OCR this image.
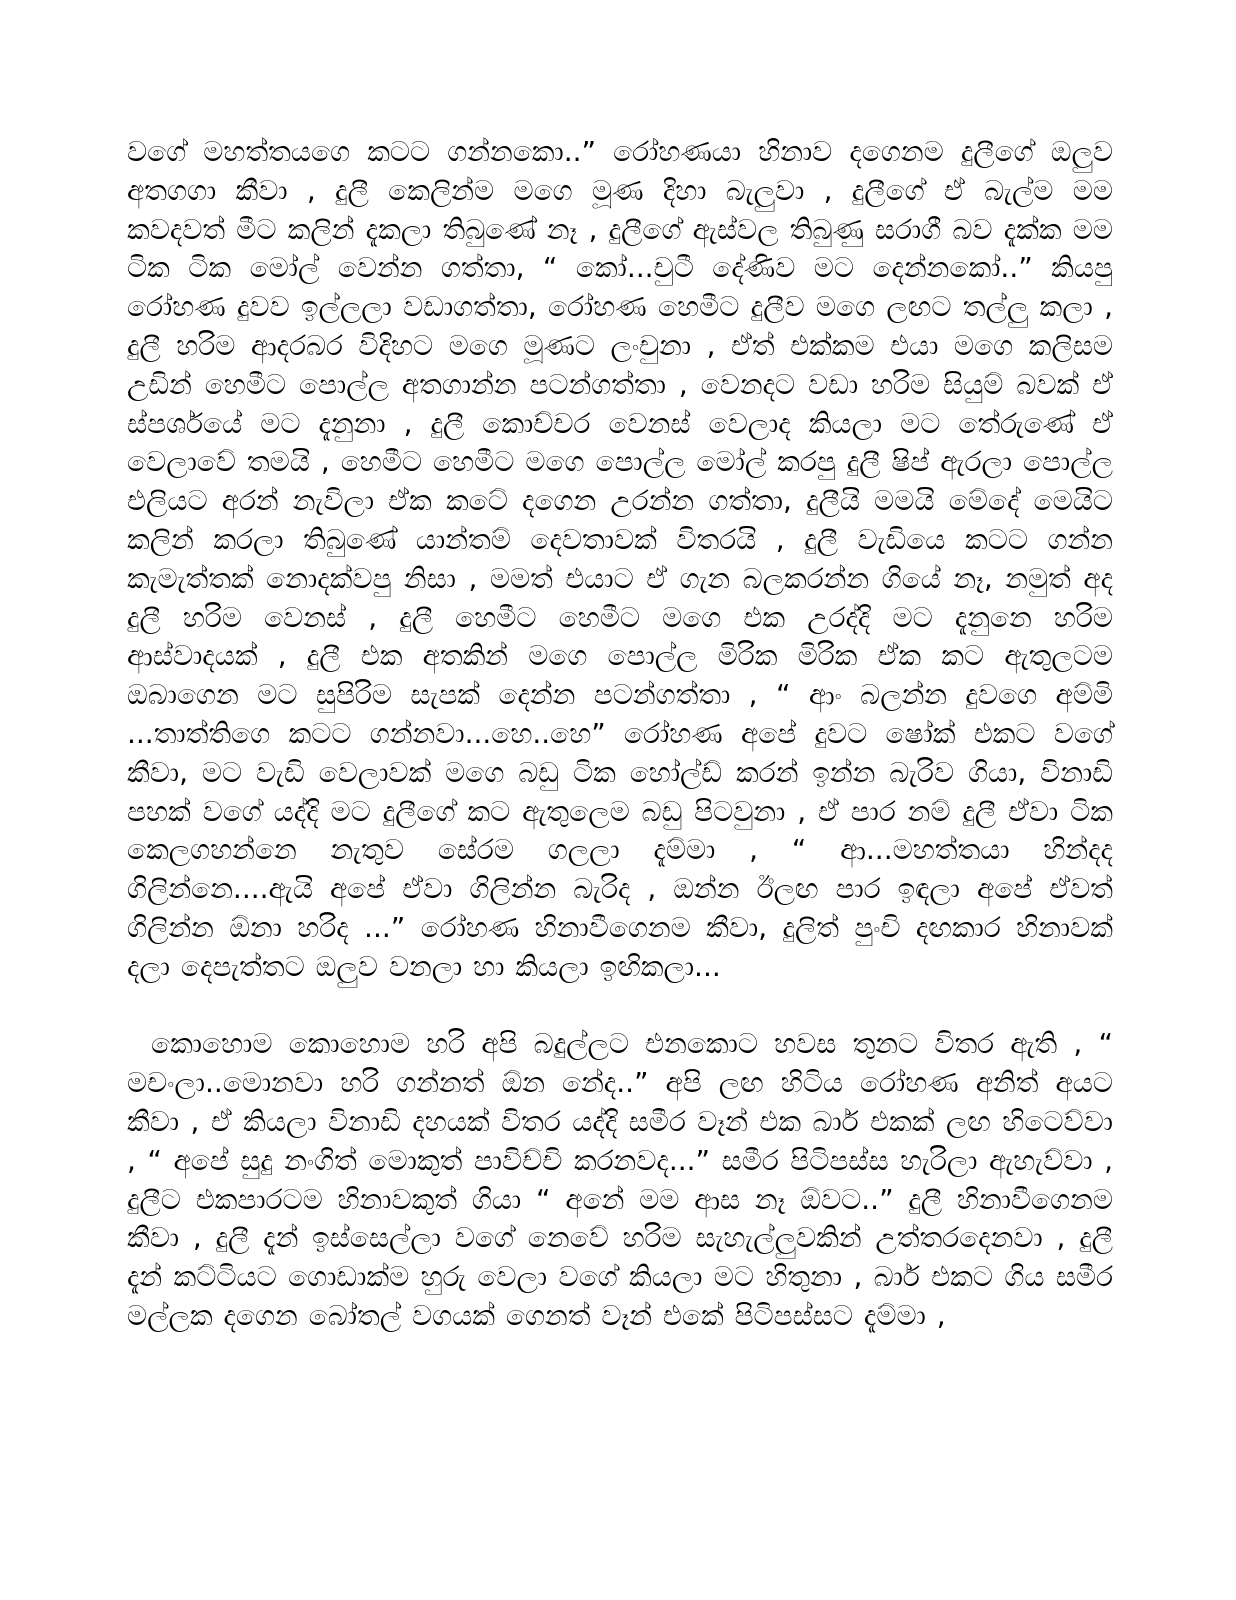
වගේ මහත්තයගෙ කටට ගන්නකො..” රෝහණයා හිනාව දගෙනම දුලීගේ ඔලුව අතගගා කීවා , දුලී කෙලින්ම මගෙ මූණ දිහා බැලුවා , දුලීගේ ඒ බැල්ම මම කවදවත් මීට කලින් දැකලා තිබුණේ නෑ , දුලීගේ ඇස්වල තිබුණු සරාගී බව දැක්ක මම ටික ටික මෝල් වෙන්න ගත්තා, “ කෝ...චුටී දේණිව මට දෙන්නකෝ..” කියපු රෝහණ දුවව ඉල්ලලා වඩාගත්තා, රෝහණ හෙමීට දුලීව මගෙ ලඟට තල්ලු කලා , දුලී හරිම ආදරබර විදිහට මගෙ මූණට ලංචුනා , ඒත් එක්කම එයා මගෙ කලිසම උඩින් හෙමීට පොල්ල අතගාන්න පටන්ගත්තා , වෙනදට වඩා හරිම සියුම් බවක් ඒ ස්පර්ශයේ මට දැනුනා , දුලී කොච්චර වෙනස් වෙලාද කියලා මට තේරුණේ ඒ වෙලාවේ තමයි , හෙමීට හෙමීට මගෙ පොල්ල මෝල් කරපු දුලී ෂිප් ඇරලා පොල්ල එලියට අරන් නැවිලා ඒක කටේ දගෙන උරන්න ගත්තා, දුලීයි මමයි මේදේ මෙයිට කලින් කරලා තිබුණේ යාන්තම් දෙවතාවක් විතරයි , දුලී වැඩියෙ කටට ගන්න කැමැත්තක් නොදක්වපු නිසා , මමත් එයාට ඒ ගැන බලකරන්න ගියේ නෑ, නමුත් අද දුලී හරිම වෙනස් , දුලී හෙමීට හෙමීට මගෙ එක උරද්දි මට දැනුනෙ හරිම ආස්වාදයක් , දුලී එක අතකින් මගෙ පොල්ල මිරික මිරික ඒක කට ඇතුලටම ඔබාගෙන මට සුපිරිම සැපක් දෙන්න පටන්ගත්තා , “ ආං බලන්න දුවගෙ අම්මි ...තාත්තිගෙ කටට ගන්නවා...හෙ..හෙ” රෝහණ අපේ දුවට ෂෝක් එකට වගේ කීවා, මට වැඩි වෙලාවක් මගෙ බඩු ටික හෝල්ඩ් කරන් ඉන්න බැරිව ගියා, විනාඩි පහක් වගේ යද්දි මට දුලීගේ කට ඇතුලෙම බඩු පිටවුනා , ඒ පාර නම් දුලී ඒවා ටික කෙලගහන්නෙ නැතුව සේරම ගලලා දැම්මා , “ ආ...මහත්තයා හින්දද ගිලින්නෙ....ඇයි අපේ ඒවා ගිලින්න බැරිද , ඔන්න ඊලඟ පාර ඉඳලා අපේ ඒවත් ගිලින්න ඕනා හරිද ...” රෝහණ හිනාවීගෙනම කීවා, දුලිත් පුංචි දඟකාර හිනාවක් දලා දෙපැත්තට ඔලුව වනලා හා කියලා ඉඟිකලා...

කොහොම කොහොම හරි අපි බදුල්ලට එනකොට හවස තුනට විතර ඇති , “ මචංලා..මොනවා හරි ගන්නත් ඕන නේද..” අපි ලඟ හිටිය රෝහණ අනිත් අයට කීවා , ඒ කියලා විනාඩි දහයක් විතර යද්දි සමීර වෑන් එක බාර් එකක් ලඟ හිටෙව්වා , “ අපේ සුදු නංගිත් මොකුත් පාවිච්චි කරනවද...” සමීර පිටිපස්ස හැරිලා ඇහැව්වා , දුලීට එකපාරටම හිනාවකුත් ගියා “ අනේ මම ආස නෑ ඕවට..” දුලී හිනාවීගෙනම කීවා , දුලී දැන් ඉස්සෙල්ලා වගේ නෙවේ හරිම සැහැල්ලුවකින් උත්තරදෙනවා , දුලී දැන් කට්ටියට ගොඩාක්ම හුරු වෙලා වගේ කියලා මට හිතුනා , බාර් එකට ගිය සමීර මල්ලක දගෙන බෝතල් වගයක් ගෙනත් වෑන් එකේ පිටිපස්සට දැම්මා ,
